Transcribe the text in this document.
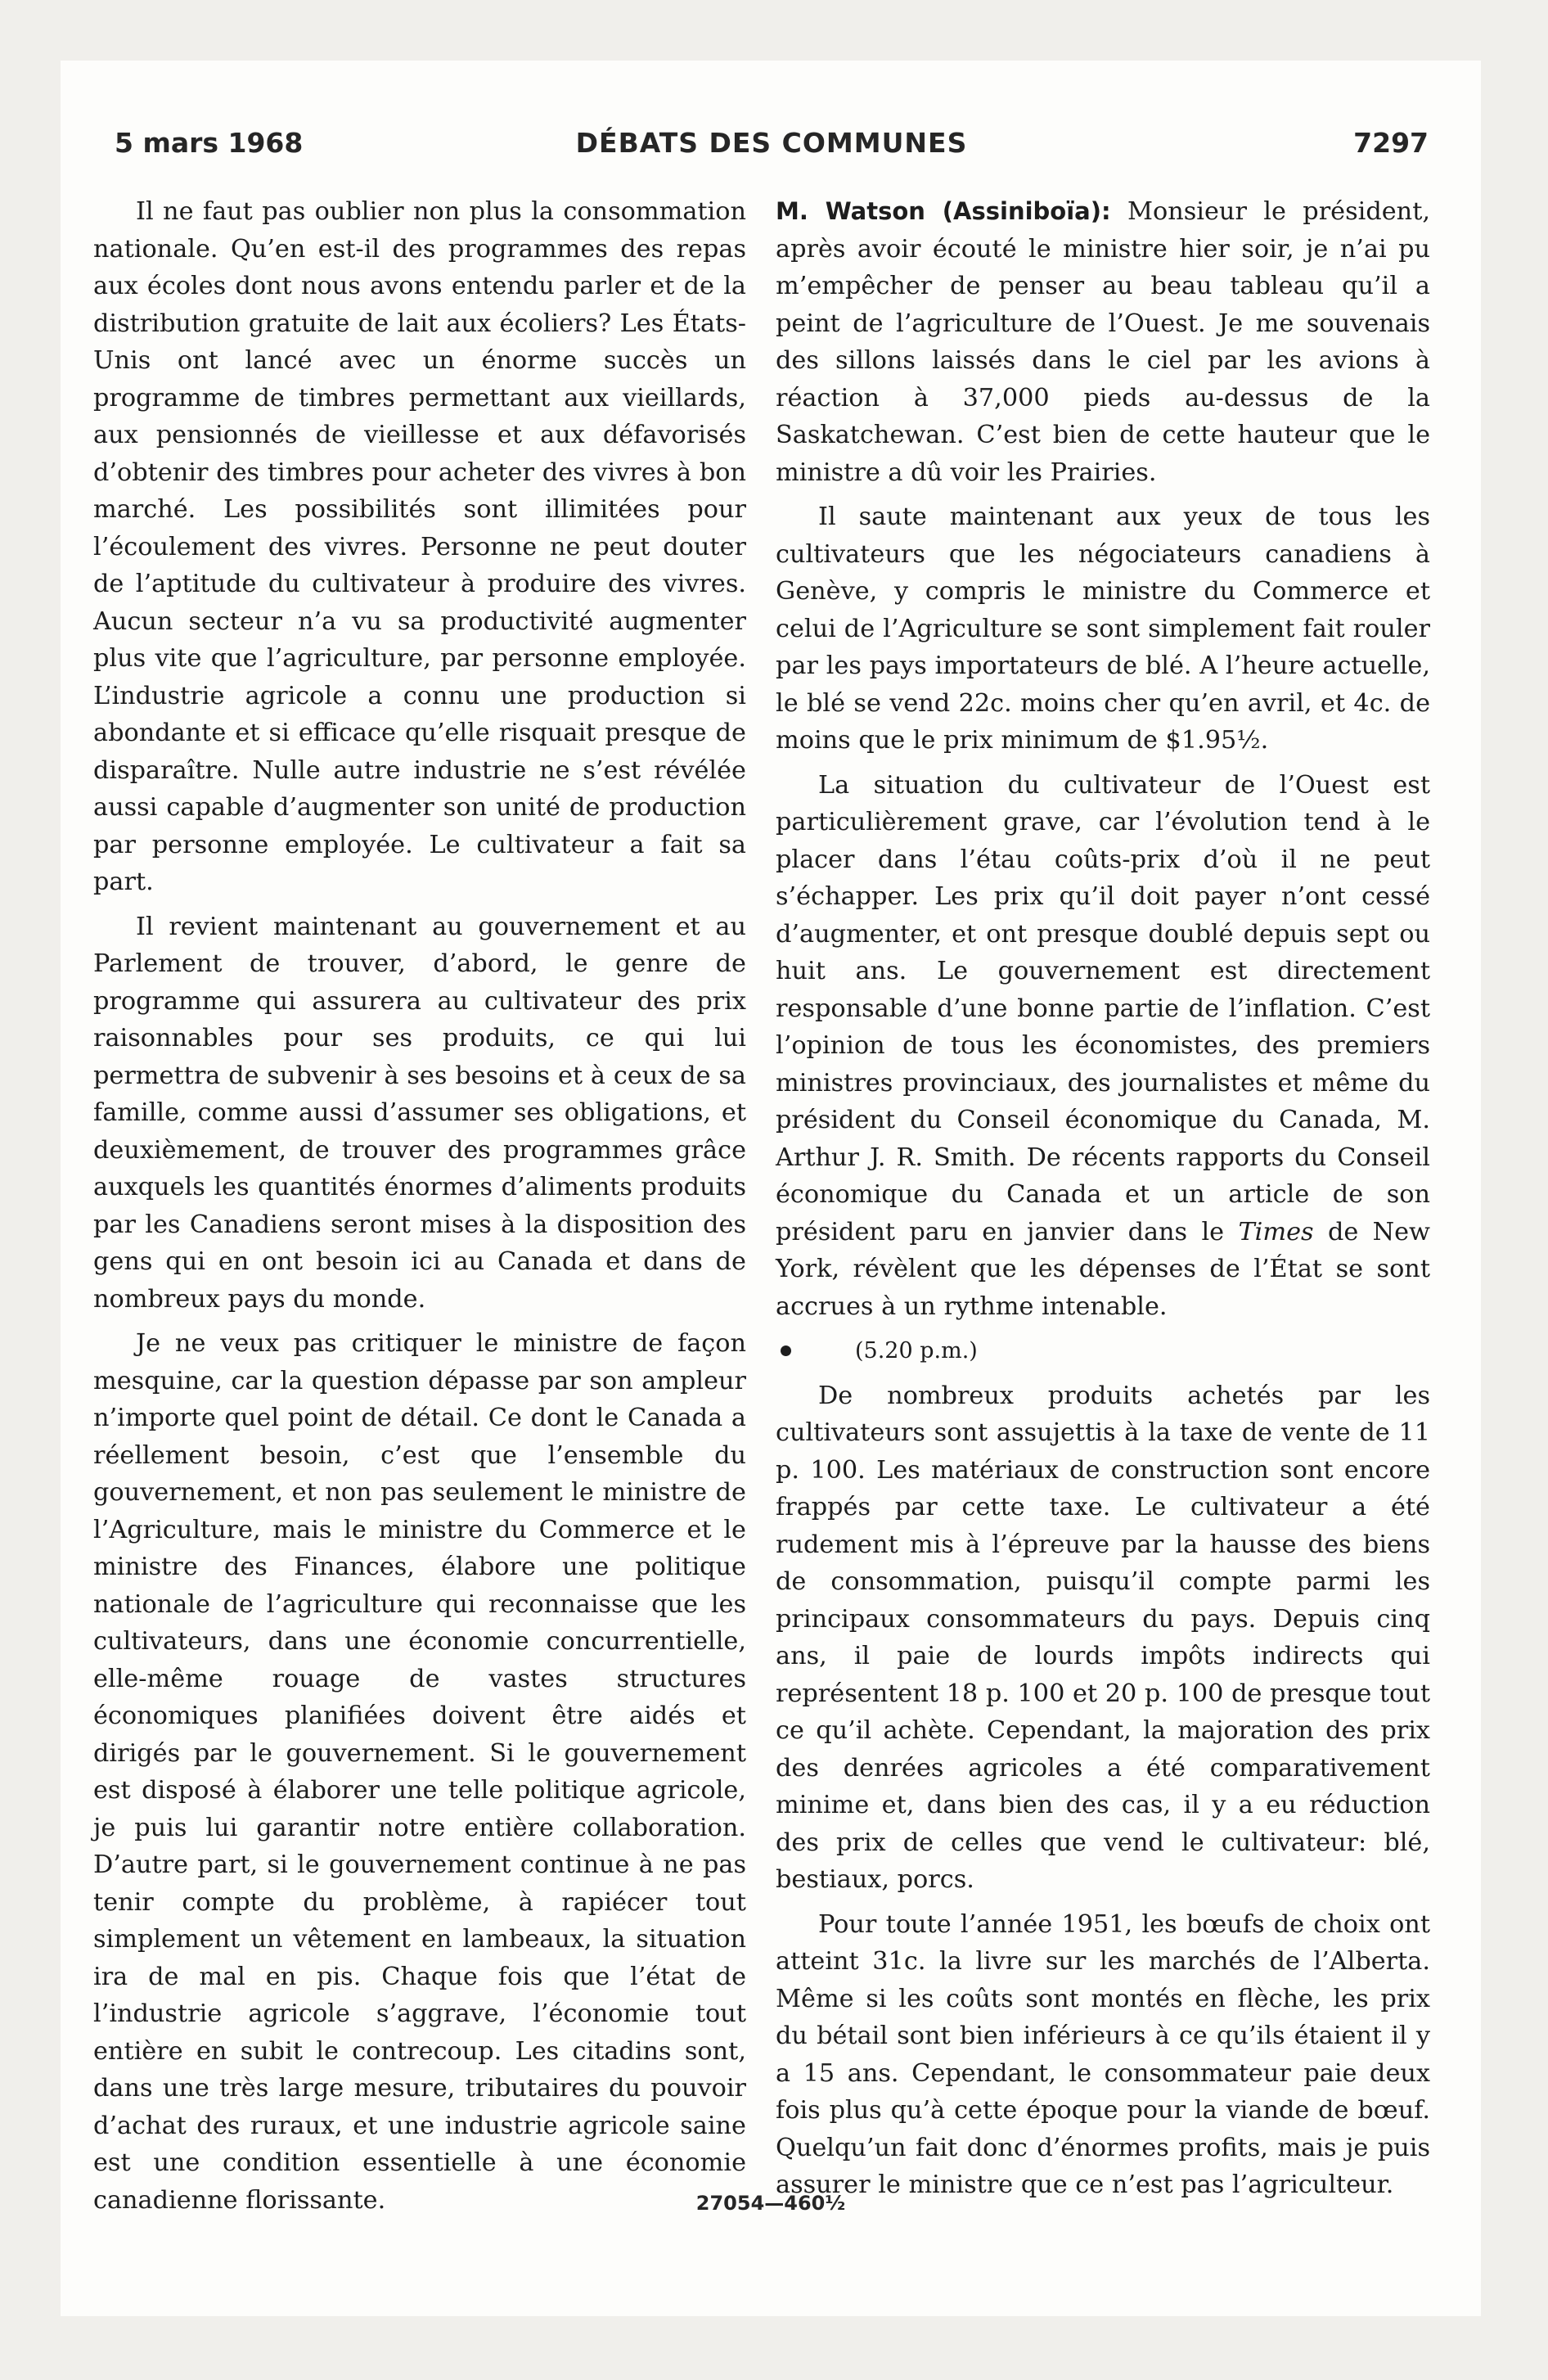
5 mars 1968	DÉBATS DES COMMUNES	7297

Il ne faut pas oublier non plus la consommation nationale. Qu’en est-il des programmes des repas aux écoles dont nous avons entendu parler et de la distribution gratuite de lait aux écoliers? Les États-Unis ont lancé avec un énorme succès un programme de timbres permettant aux vieillards, aux pensionnés de vieillesse et aux défavorisés d’obtenir des timbres pour acheter des vivres à bon marché. Les possibilités sont illimitées pour l’écoulement des vivres. Personne ne peut douter de l’aptitude du cultivateur à produire des vivres. Aucun secteur n’a vu sa productivité augmenter plus vite que l’agriculture, par personne employée. L’industrie agricole a connu une production si abondante et si efficace qu’elle risquait presque de disparaître. Nulle autre industrie ne s’est révélée aussi capable d’augmenter son unité de production par personne employée. Le cultivateur a fait sa part.

Il revient maintenant au gouvernement et au Parlement de trouver, d’abord, le genre de programme qui assurera au cultivateur des prix raisonnables pour ses produits, ce qui lui permettra de subvenir à ses besoins et à ceux de sa famille, comme aussi d’assumer ses obligations, et deuxièmement, de trouver des programmes grâce auxquels les quantités énormes d’aliments produits par les Canadiens seront mises à la disposition des gens qui en ont besoin ici au Canada et dans de nombreux pays du monde.

Je ne veux pas critiquer le ministre de façon mesquine, car la question dépasse par son ampleur n’importe quel point de détail. Ce dont le Canada a réellement besoin, c’est que l’ensemble du gouvernement, et non pas seulement le ministre de l’Agriculture, mais le ministre du Commerce et le ministre des Finances, élabore une politique nationale de l’agriculture qui reconnaisse que les cultivateurs, dans une économie concurrentielle, elle-même rouage de vastes structures économiques planifiées doivent être aidés et dirigés par le gouvernement. Si le gouvernement est disposé à élaborer une telle politique agricole, je puis lui garantir notre entière collaboration. D’autre part, si le gouvernement continue à ne pas tenir compte du problème, à rapiécer tout simplement un vêtement en lambeaux, la situation ira de mal en pis. Chaque fois que l’état de l’industrie agricole s’aggrave, l’économie tout entière en subit le contrecoup. Les citadins sont, dans une très large mesure, tributaires du pouvoir d’achat des ruraux, et une industrie agricole saine est une condition essentielle à une économie canadienne florissante.

M. Watson (Assiniboïa): Monsieur le président, après avoir écouté le ministre hier soir, je n’ai pu m’empêcher de penser au beau tableau qu’il a peint de l’agriculture de l’Ouest. Je me souvenais des sillons laissés dans le ciel par les avions à réaction à 37,000 pieds au-dessus de la Saskatchewan. C’est bien de cette hauteur que le ministre a dû voir les Prairies.

Il saute maintenant aux yeux de tous les cultivateurs que les négociateurs canadiens à Genève, y compris le ministre du Commerce et celui de l’Agriculture se sont simplement fait rouler par les pays importateurs de blé. A l’heure actuelle, le blé se vend 22c. moins cher qu’en avril, et 4c. de moins que le prix minimum de $1.95½.

La situation du cultivateur de l’Ouest est particulièrement grave, car l’évolution tend à le placer dans l’étau coûts-prix d’où il ne peut s’échapper. Les prix qu’il doit payer n’ont cessé d’augmenter, et ont presque doublé depuis sept ou huit ans. Le gouvernement est directement responsable d’une bonne partie de l’inflation. C’est l’opinion de tous les économistes, des premiers ministres provinciaux, des journalistes et même du président du Conseil économique du Canada, M. Arthur J. R. Smith. De récents rapports du Conseil économique du Canada et un article de son président paru en janvier dans le Times de New York, révèlent que les dépenses de l’État se sont accrues à un rythme intenable.

(5.20 p.m.)

De nombreux produits achetés par les cultivateurs sont assujettis à la taxe de vente de 11 p. 100. Les matériaux de construction sont encore frappés par cette taxe. Le cultivateur a été rudement mis à l’épreuve par la hausse des biens de consommation, puisqu’il compte parmi les principaux consommateurs du pays. Depuis cinq ans, il paie de lourds impôts indirects qui représentent 18 p. 100 et 20 p. 100 de presque tout ce qu’il achète. Cependant, la majoration des prix des denrées agricoles a été comparativement minime et, dans bien des cas, il y a eu réduction des prix de celles que vend le cultivateur: blé, bestiaux, porcs.

Pour toute l’année 1951, les bœufs de choix ont atteint 31c. la livre sur les marchés de l’Alberta. Même si les coûts sont montés en flèche, les prix du bétail sont bien inférieurs à ce qu’ils étaient il y a 15 ans. Cependant, le consommateur paie deux fois plus qu’à cette époque pour la viande de bœuf. Quelqu’un fait donc d’énormes profits, mais je puis assurer le ministre que ce n’est pas l’agriculteur.

27054—460½
